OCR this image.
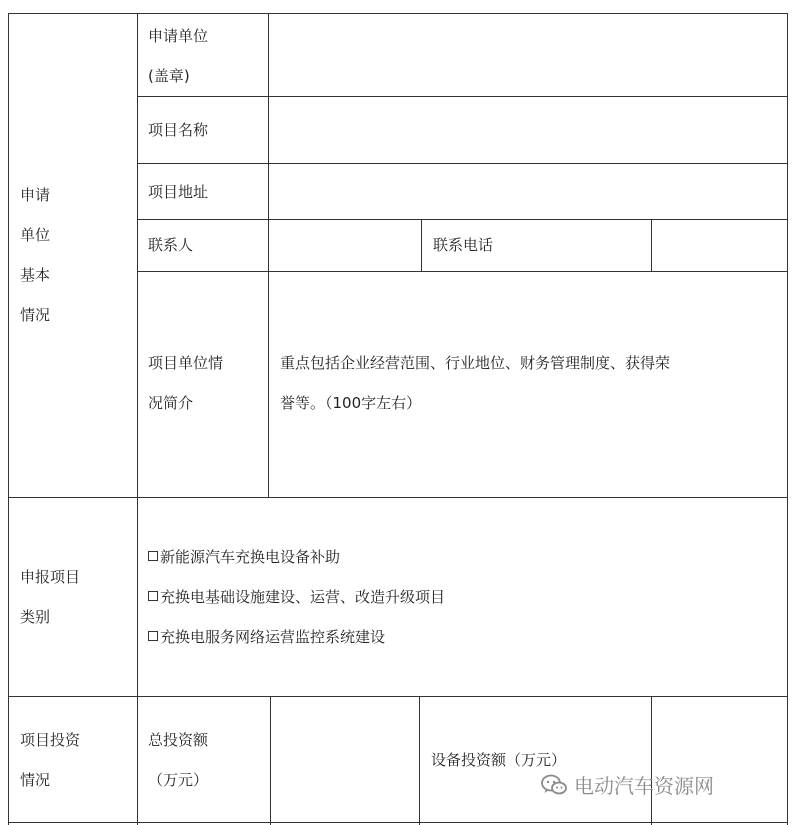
申请
单位
基本
情况
申请单位
(盖章)
项目名称
项目地址
联系人	联系电话
项目单位情
况简介
重点包括企业经营范围、行业地位、财务管理制度、获得荣
誉等。（100字左右）
申报项目
类别
新能源汽车充换电设备补助
充换电基础设施建设、运营、改造升级项目
充换电服务网络运营监控系统建设
项目投资
情况
总投资额
（万元）
设备投资额（万元）
电动汽车资源网
